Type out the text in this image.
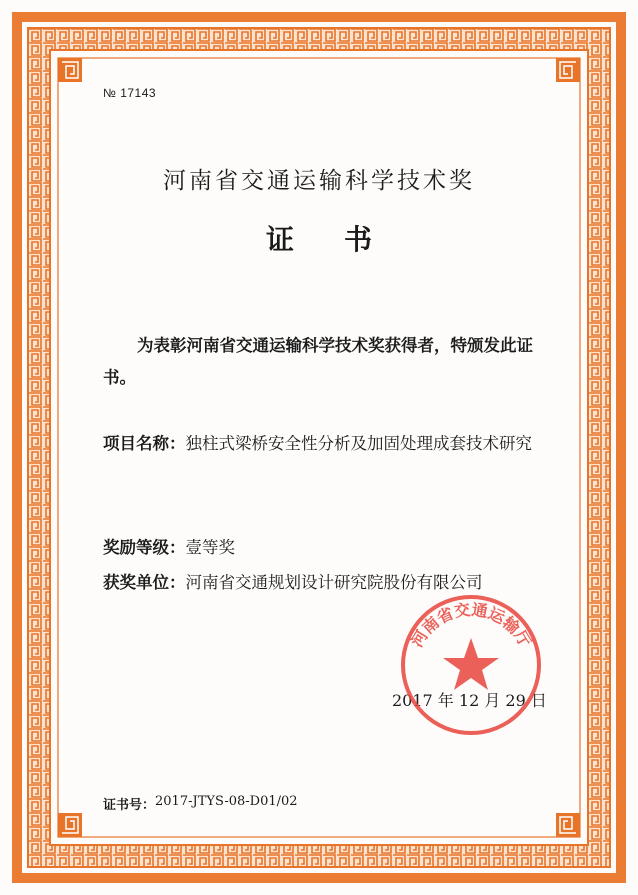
№ 17143
河南省交通运输科学技术奖
证书
为表彰河南省交通运输科学技术奖获得者，特颁发此证书。
项目名称： 独柱式梁桥安全性分析及加固处理成套技术研究
奖励等级： 壹等奖
获奖单位： 河南省交通规划设计研究院股份有限公司
2017 年 12 月 29 日
河南省交通运输厅
证书号： 2017-JTYS-08-D01/02
